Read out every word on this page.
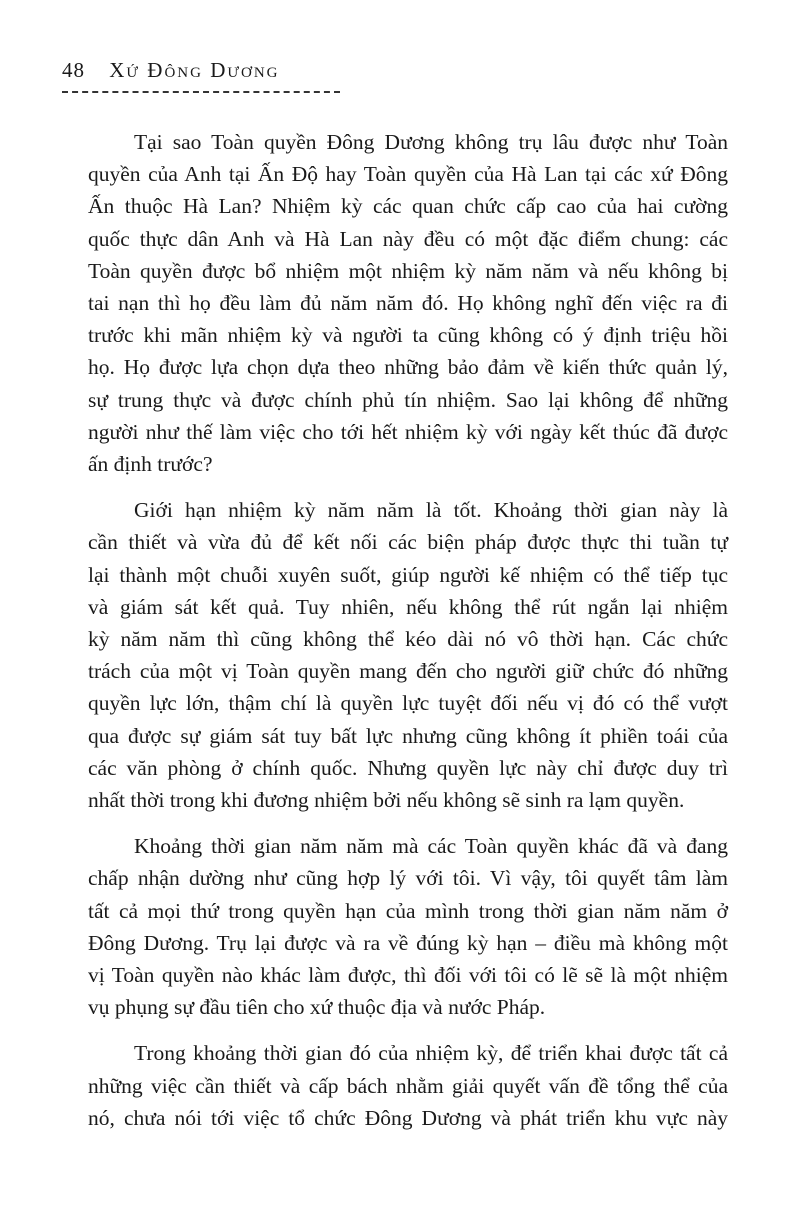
48 Xứ Đông Dương

Tại sao Toàn quyền Đông Dương không trụ lâu được như Toàn
quyền của Anh tại Ấn Độ hay Toàn quyền của Hà Lan tại các xứ Đông
Ấn thuộc Hà Lan? Nhiệm kỳ các quan chức cấp cao của hai cường
quốc thực dân Anh và Hà Lan này đều có một đặc điểm chung: các
Toàn quyền được bổ nhiệm một nhiệm kỳ năm năm và nếu không bị
tai nạn thì họ đều làm đủ năm năm đó. Họ không nghĩ đến việc ra đi
trước khi mãn nhiệm kỳ và người ta cũng không có ý định triệu hồi
họ. Họ được lựa chọn dựa theo những bảo đảm về kiến thức quản lý,
sự trung thực và được chính phủ tín nhiệm. Sao lại không để những
người như thế làm việc cho tới hết nhiệm kỳ với ngày kết thúc đã được
ấn định trước?

Giới hạn nhiệm kỳ năm năm là tốt. Khoảng thời gian này là
cần thiết và vừa đủ để kết nối các biện pháp được thực thi tuần tự
lại thành một chuỗi xuyên suốt, giúp người kế nhiệm có thể tiếp tục
và giám sát kết quả. Tuy nhiên, nếu không thể rút ngắn lại nhiệm
kỳ năm năm thì cũng không thể kéo dài nó vô thời hạn. Các chức
trách của một vị Toàn quyền mang đến cho người giữ chức đó những
quyền lực lớn, thậm chí là quyền lực tuyệt đối nếu vị đó có thể vượt
qua được sự giám sát tuy bất lực nhưng cũng không ít phiền toái của
các văn phòng ở chính quốc. Nhưng quyền lực này chỉ được duy trì
nhất thời trong khi đương nhiệm bởi nếu không sẽ sinh ra lạm quyền.

Khoảng thời gian năm năm mà các Toàn quyền khác đã và đang
chấp nhận dường như cũng hợp lý với tôi. Vì vậy, tôi quyết tâm làm
tất cả mọi thứ trong quyền hạn của mình trong thời gian năm năm ở
Đông Dương. Trụ lại được và ra về đúng kỳ hạn – điều mà không một
vị Toàn quyền nào khác làm được, thì đối với tôi có lẽ sẽ là một nhiệm
vụ phụng sự đầu tiên cho xứ thuộc địa và nước Pháp.

Trong khoảng thời gian đó của nhiệm kỳ, để triển khai được tất cả
những việc cần thiết và cấp bách nhằm giải quyết vấn đề tổng thể của
nó, chưa nói tới việc tổ chức Đông Dương và phát triển khu vực này
